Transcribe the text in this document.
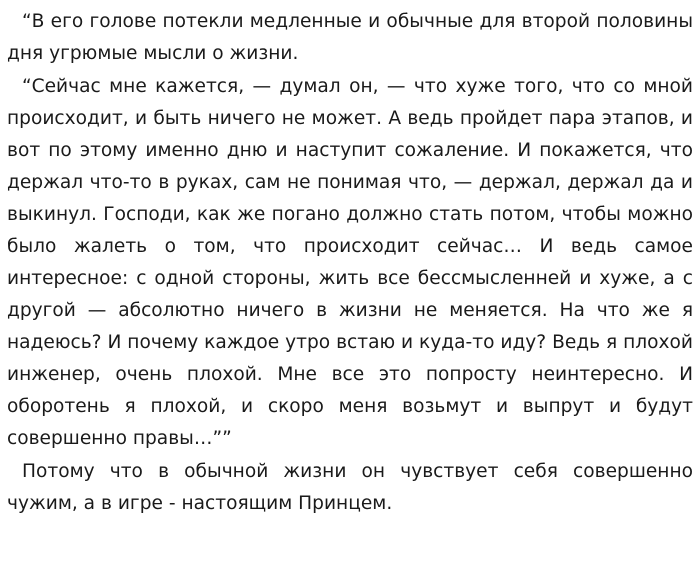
“В его голове потекли медленные и обычные для второй половины дня угрюмые мысли о жизни.

“Сейчас мне кажется, — думал он, — что хуже того, что со мной происходит, и быть ничего не может. А ведь пройдет пара этапов, и вот по этому именно дню и наступит сожаление. И покажется, что держал что-то в руках, сам не понимая что, — держал, держал да и выкинул. Господи, как же погано должно стать потом, чтобы можно было жалеть о том, что происходит сейчас… И ведь самое интересное: с одной стороны, жить все бессмысленней и хуже, а с другой — абсолютно ничего в жизни не меняется. На что же я надеюсь? И почему каждое утро встаю и куда-то иду? Ведь я плохой инженер, очень плохой. Мне все это попросту неинтересно. И оборотень я плохой, и скоро меня возьмут и выпрут и будут совершенно правы…””

Потому что в обычной жизни он чувствует себя совершенно чужим, а в игре - настоящим Принцем.
